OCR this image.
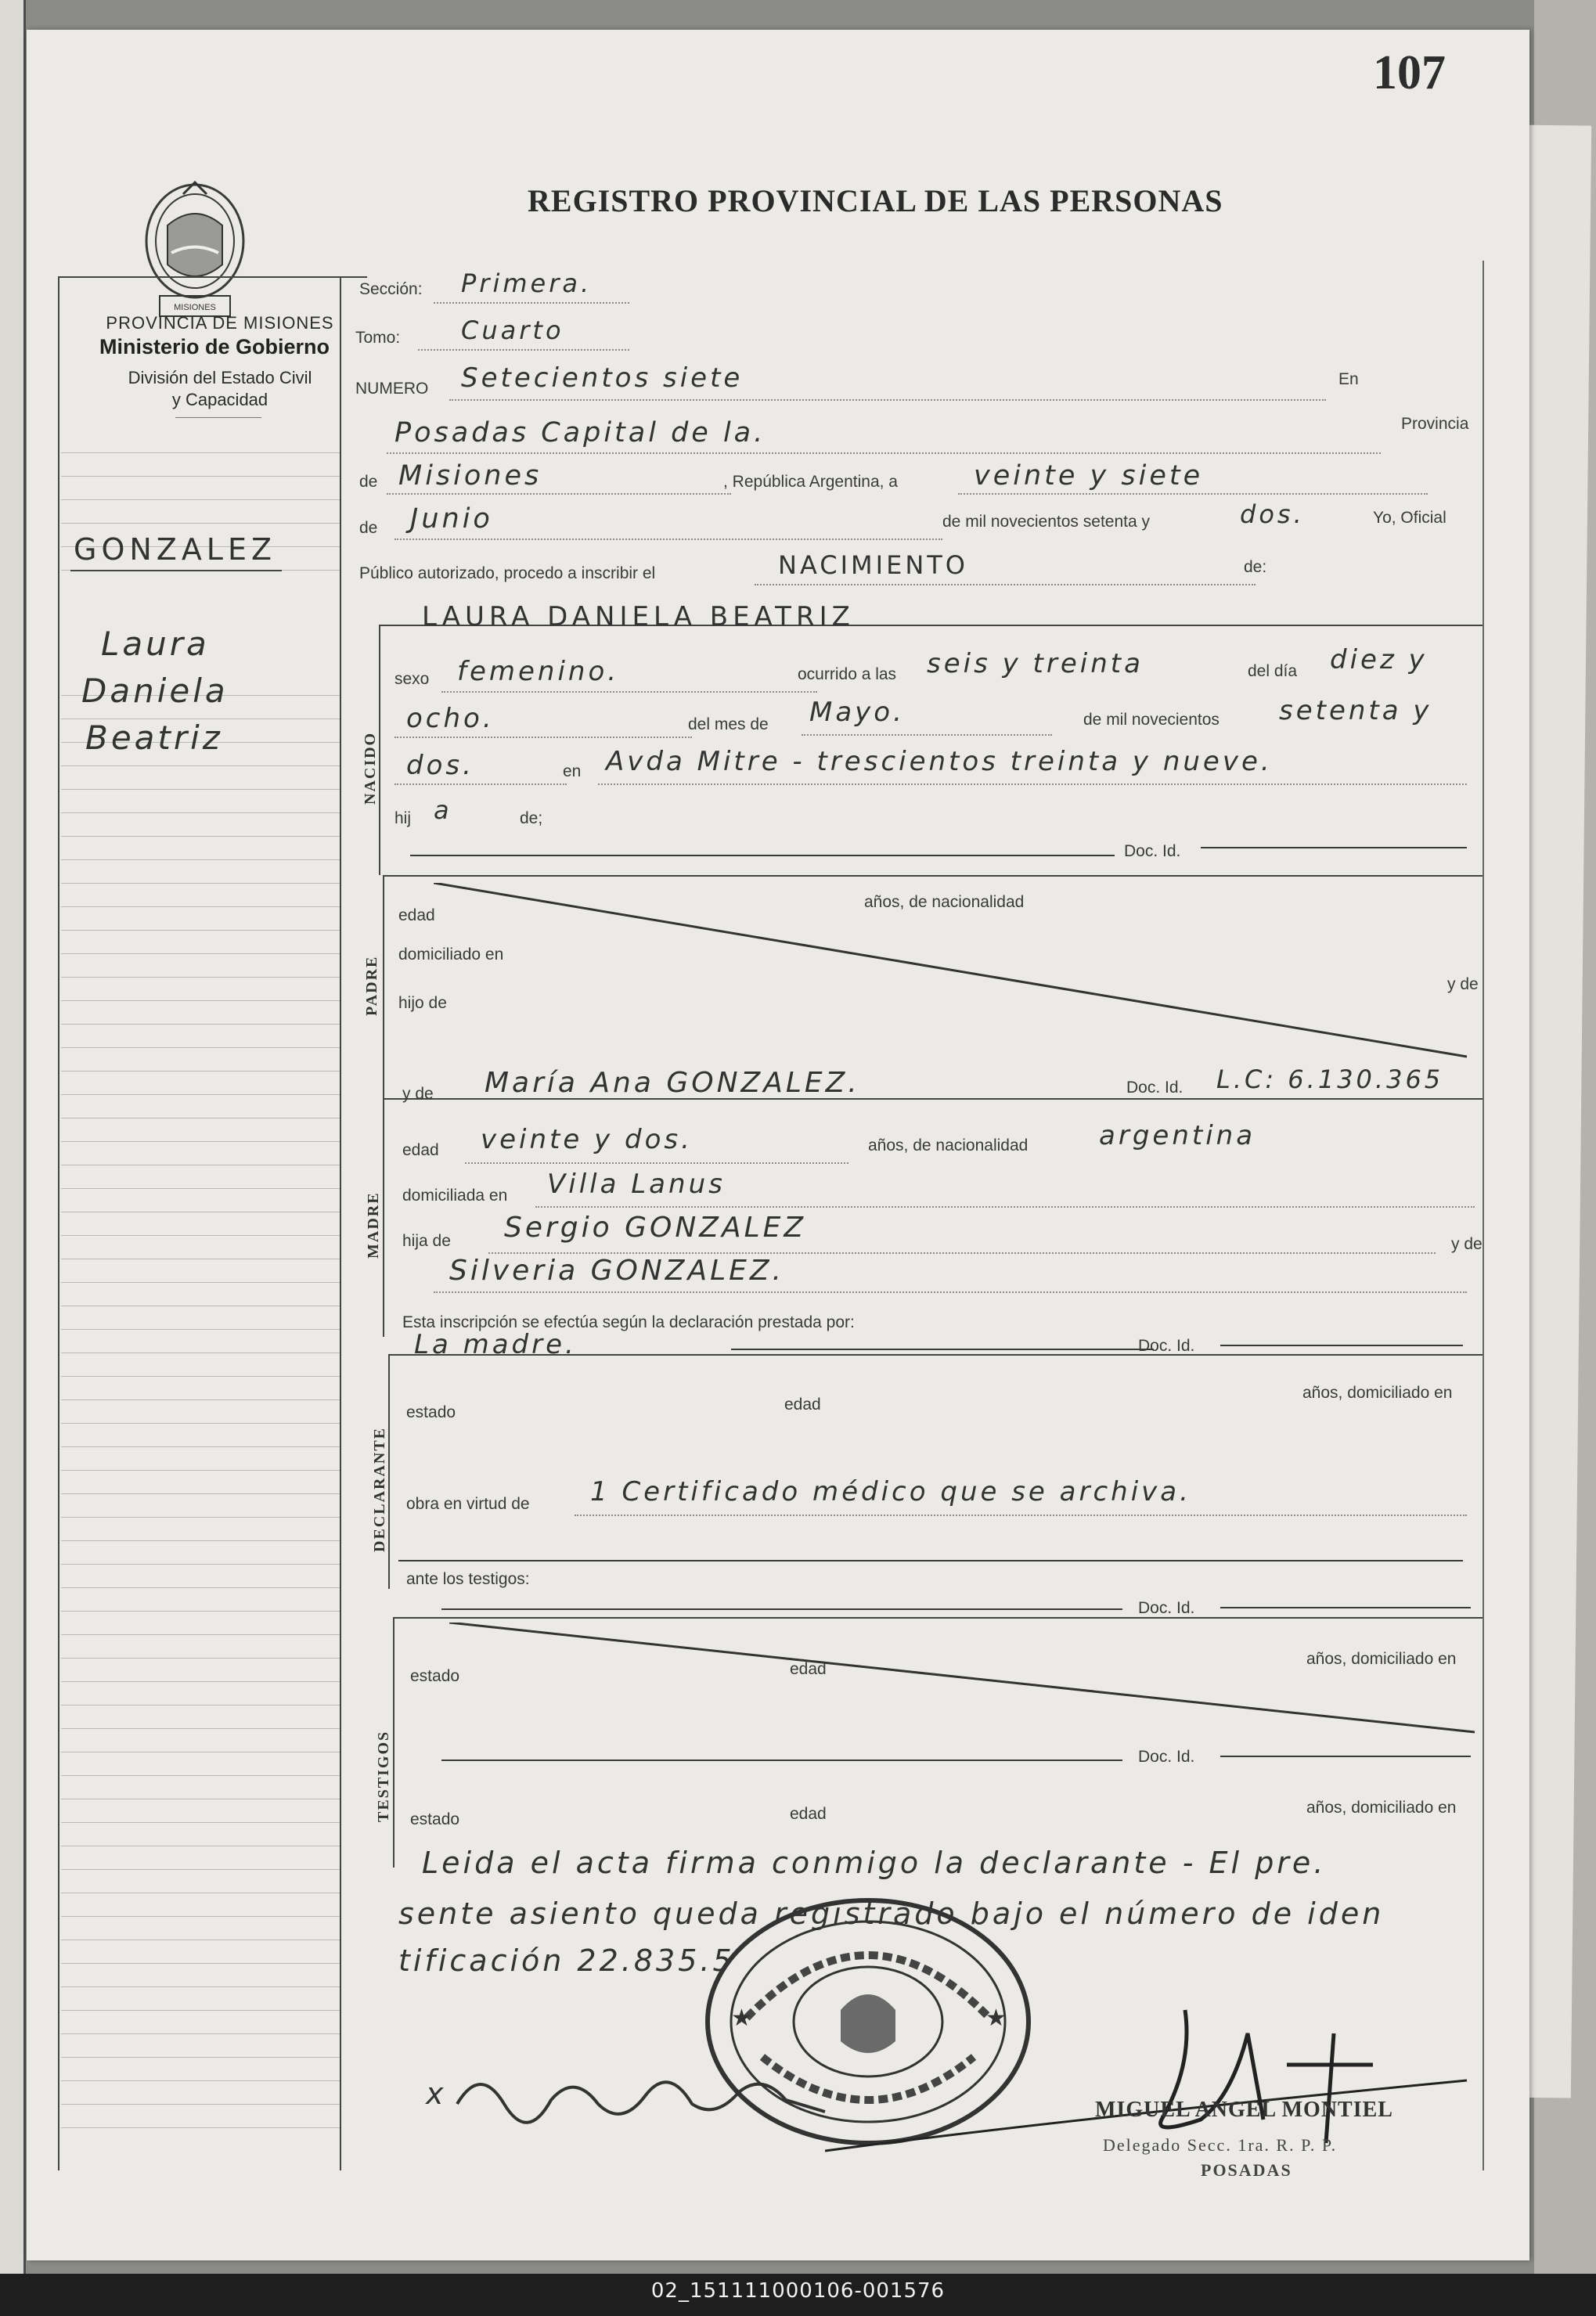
107
REGISTRO PROVINCIAL DE LAS PERSONAS
MISIONES
PROVINCIA DE MISIONES
Ministerio de Gobierno
División del Estado Civil
y Capacidad
GONZALEZ
Laura
Daniela
Beatriz
Sección: Primera.
Tomo: Cuarto
NUMERO Setecientos siete	En
Posadas Capital de la.	Provincia
de Misiones	, República Argentina, a	veinte y siete
de Junio	de mil novecientos setenta y	dos.	Yo, Oficial
Público autorizado, procedo a inscribir el	NACIMIENTO	de:
NACIDO
LAURA DANIELA BEATRIZ
sexo femenino.	ocurrido a las seis y treinta	del día diez y
ocho.	del mes de Mayo.	de mil novecientos setenta y
dos.	en Avda Mitre - trescientos treinta y nueve.
hij a	de;
Doc. Id.
PADRE
edad
años, de nacionalidad
domiciliado en
y de
hijo de
MADRE
y de María Ana GONZALEZ.	Doc. Id. L.C: 6.130.365
edad veinte y dos.	años, de nacionalidad	argentina
domiciliada en Villa Lanus
hija de Sergio GONZALEZ
y de
Silveria GONZALEZ.
Esta inscripción se efectúa según la declaración prestada por:
DECLARANTE
La madre.	Doc. Id.
estado	edad
años, domiciliado en
obra en virtud de 1 Certificado médico que se archiva.
ante los testigos:
TESTIGOS
Doc. Id.
estado	edad
años, domiciliado en
Doc. Id.
estado	edad	años, domiciliado en
Leida el acta firma conmigo la declarante - El pre.
sente asiento queda registrado bajo el número de iden
tificación 22.835.5
★	★
x	MIGUEL ANGEL MONTIEL
Delegado Secc. 1ra. R. P. P.
POSADAS
02_151111000106-001576
